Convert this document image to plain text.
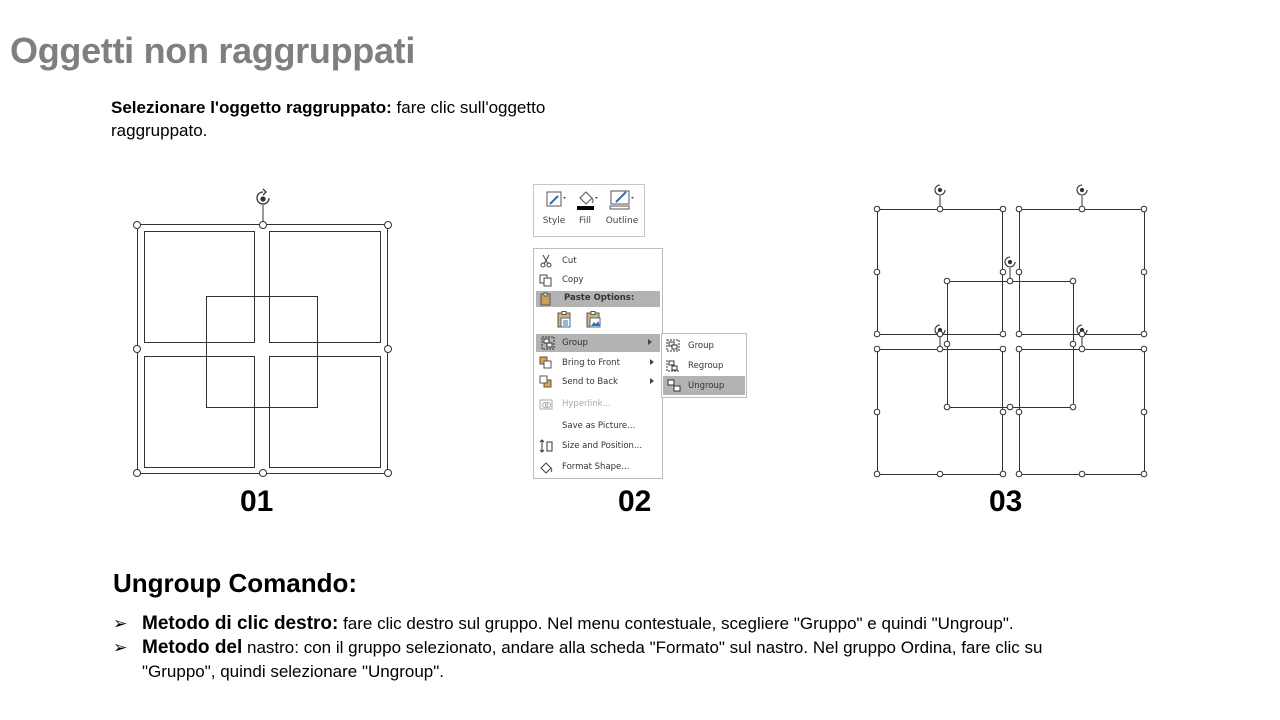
Oggetti non raggruppati
Selezionare l'oggetto raggruppato: fare clic sull'oggetto raggruppato.
01	02	03
Style	Fill	Outline
Cut
Copy
Paste Options:
Group
Bring to Front
Send to Back
Hyperlink...
Save as Picture...
Size and Position...
Format Shape...
Group
Regroup
Ungroup
Ungroup Comando:
➢ Metodo di clic destro: fare clic destro sul gruppo. Nel menu contestuale, scegliere "Gruppo" e quindi "Ungroup".
➢ Metodo del nastro: con il gruppo selezionato, andare alla scheda "Formato" sul nastro. Nel gruppo Ordina, fare clic su "Gruppo", quindi selezionare "Ungroup".
